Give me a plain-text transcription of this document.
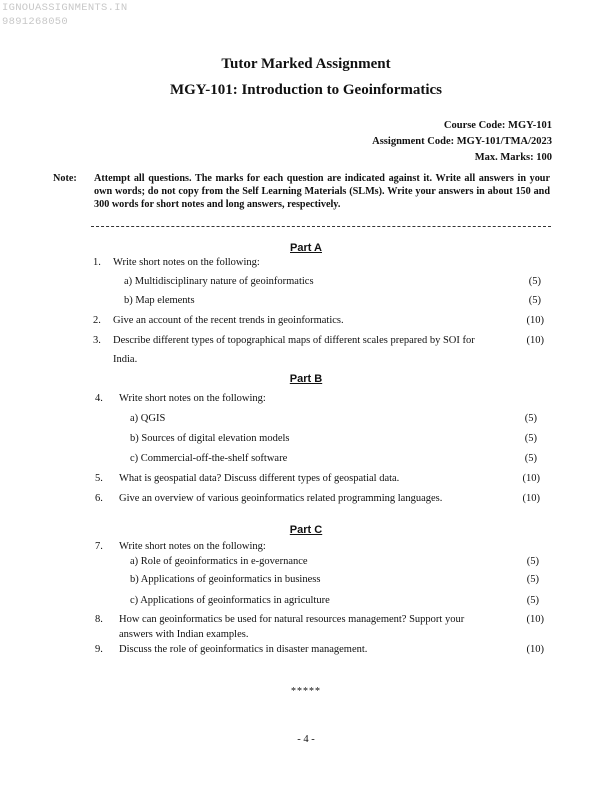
IGNOUASSIGNMENTS.IN
9891268050
Tutor Marked Assignment
MGY-101: Introduction to Geoinformatics
Course Code: MGY-101
Assignment Code: MGY-101/TMA/2023
Max. Marks: 100
Note: Attempt all questions. The marks for each question are indicated against it. Write all answers in your own words; do not copy from the Self Learning Materials (SLMs). Write your answers in about 150 and 300 words for short notes and long answers, respectively.
Part A
1. Write short notes on the following:
a) Multidisciplinary nature of geoinformatics	(5)
b) Map elements	(5)
2. Give an account of the recent trends in geoinformatics.	(10)
3. Describe different types of topographical maps of different scales prepared by SOI for	(10)
India.
Part B
4. Write short notes on the following:
a) QGIS	(5)
b) Sources of digital elevation models	(5)
c) Commercial-off-the-shelf software	(5)
5. What is geospatial data? Discuss different types of geospatial data.	(10)
6. Give an overview of various geoinformatics related programming languages.	(10)
Part C
7. Write short notes on the following:
a) Role of geoinformatics in e-governance	(5)
b) Applications of geoinformatics in business	(5)
c) Applications of geoinformatics in agriculture	(5)
8. How can geoinformatics be used for natural resources management? Support your	(10)
answers with Indian examples.
9. Discuss the role of geoinformatics in disaster management.	(10)
*****
- 4 -
